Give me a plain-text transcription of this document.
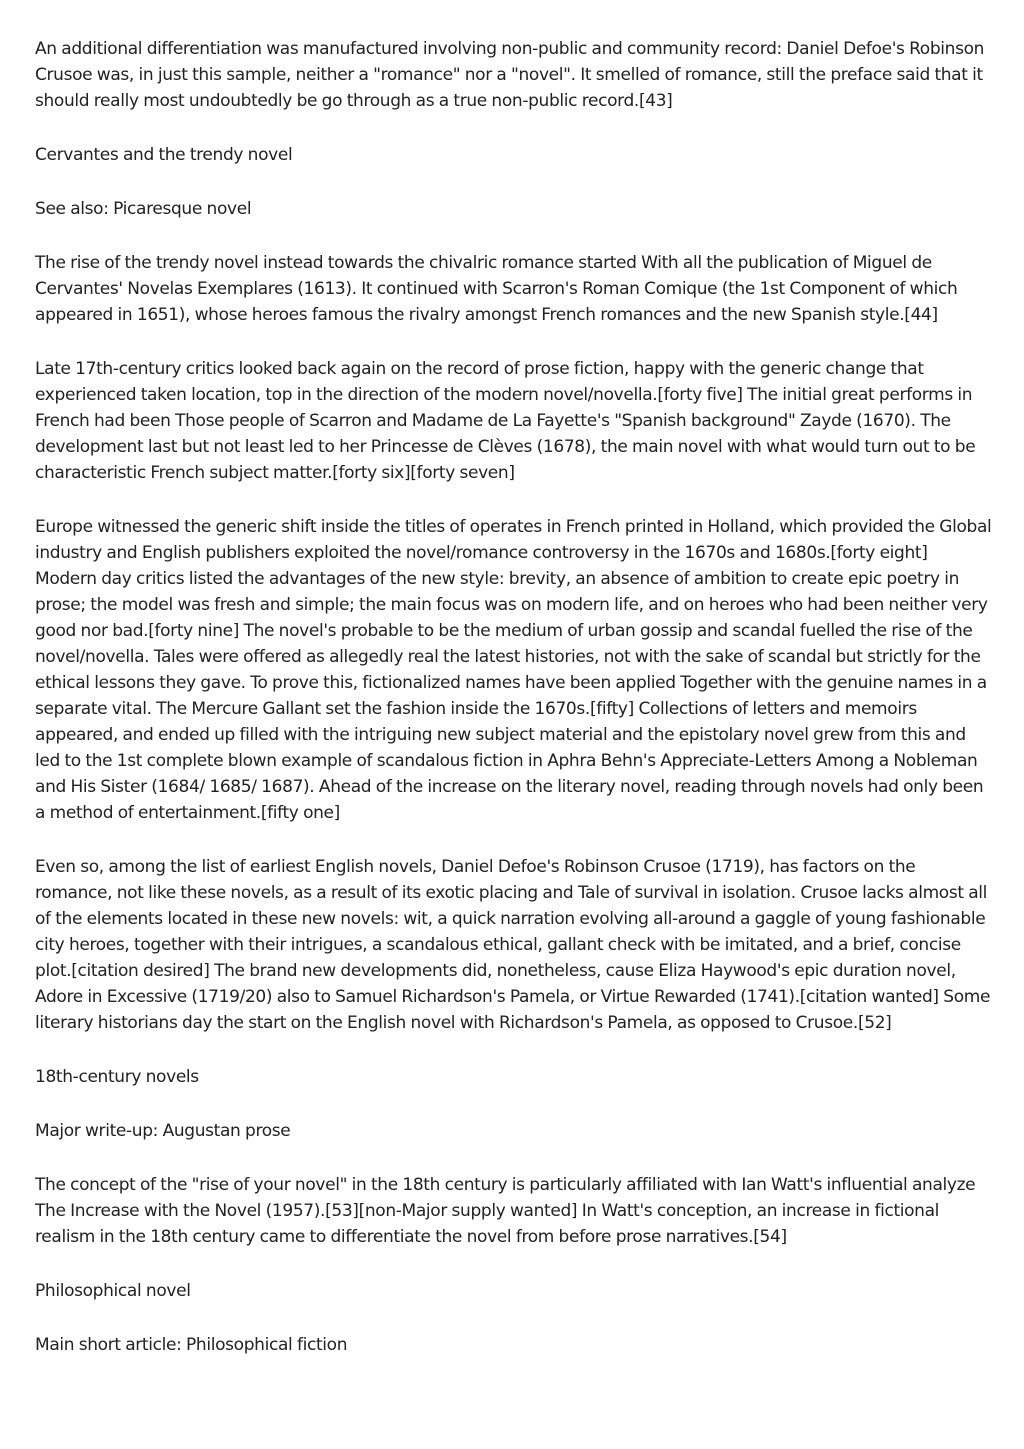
An additional differentiation was manufactured involving non-public and community record: Daniel Defoe's Robinson Crusoe was, in just this sample, neither a "romance" nor a "novel". It smelled of romance, still the preface said that it should really most undoubtedly be go through as a true non-public record.[43]

Cervantes and the trendy novel

See also: Picaresque novel

The rise of the trendy novel instead towards the chivalric romance started With all the publication of Miguel de Cervantes' Novelas Exemplares (1613). It continued with Scarron's Roman Comique (the 1st Component of which appeared in 1651), whose heroes famous the rivalry amongst French romances and the new Spanish style.[44]

Late 17th-century critics looked back again on the record of prose fiction, happy with the generic change that experienced taken location, top in the direction of the modern novel/novella.[forty five] The initial great performs in French had been Those people of Scarron and Madame de La Fayette's "Spanish background" Zayde (1670). The development last but not least led to her Princesse de Clèves (1678), the main novel with what would turn out to be characteristic French subject matter.[forty six][forty seven]

Europe witnessed the generic shift inside the titles of operates in French printed in Holland, which provided the Global industry and English publishers exploited the novel/romance controversy in the 1670s and 1680s.[forty eight] Modern day critics listed the advantages of the new style: brevity, an absence of ambition to create epic poetry in prose; the model was fresh and simple; the main focus was on modern life, and on heroes who had been neither very good nor bad.[forty nine] The novel's probable to be the medium of urban gossip and scandal fuelled the rise of the novel/novella. Tales were offered as allegedly real the latest histories, not with the sake of scandal but strictly for the ethical lessons they gave. To prove this, fictionalized names have been applied Together with the genuine names in a separate vital. The Mercure Gallant set the fashion inside the 1670s.[fifty] Collections of letters and memoirs appeared, and ended up filled with the intriguing new subject material and the epistolary novel grew from this and led to the 1st complete blown example of scandalous fiction in Aphra Behn's Appreciate-Letters Among a Nobleman and His Sister (1684/ 1685/ 1687). Ahead of the increase on the literary novel, reading through novels had only been a method of entertainment.[fifty one]

Even so, among the list of earliest English novels, Daniel Defoe's Robinson Crusoe (1719), has factors on the romance, not like these novels, as a result of its exotic placing and Tale of survival in isolation. Crusoe lacks almost all of the elements located in these new novels: wit, a quick narration evolving all-around a gaggle of young fashionable city heroes, together with their intrigues, a scandalous ethical, gallant check with be imitated, and a brief, concise plot.[citation desired] The brand new developments did, nonetheless, cause Eliza Haywood's epic duration novel, Adore in Excessive (1719/20) also to Samuel Richardson's Pamela, or Virtue Rewarded (1741).[citation wanted] Some literary historians day the start on the English novel with Richardson's Pamela, as opposed to Crusoe.[52]

18th-century novels

Major write-up: Augustan prose

The concept of the "rise of your novel" in the 18th century is particularly affiliated with Ian Watt's influential analyze The Increase with the Novel (1957).[53][non-Major supply wanted] In Watt's conception, an increase in fictional realism in the 18th century came to differentiate the novel from before prose narratives.[54]

Philosophical novel

Main short article: Philosophical fiction
